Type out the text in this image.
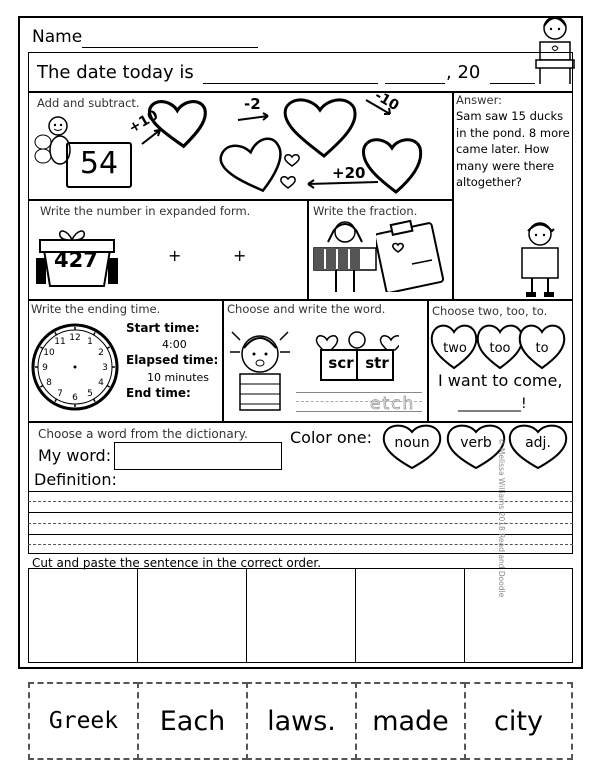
Name
The date today is	, 20
Add and subtract.
54
+10
-2	-10
+20
Answer:
Sam saw 15 ducks in the pond. 8 more came later. How many were there altogether?
Write the number in expanded form.
427	+	+
Write the fraction.
Write the ending time.
12 1
2
3
4
5
6
7
8
9
10
11
Start time:
4:00
Elapsed time:
10 minutes
End time:
Choose and write the word.
scr str
etch
Choose two, too, to.
two	too	to
I want to come,
_________!
Choose a word from the dictionary.
My word:
Color one:	noun	verb	adj.
Definition:
Cut and paste the sentence in the correct order.	© Melissa Williams 2018 Read and Doodle
Greek	Each	laws.	made	city
